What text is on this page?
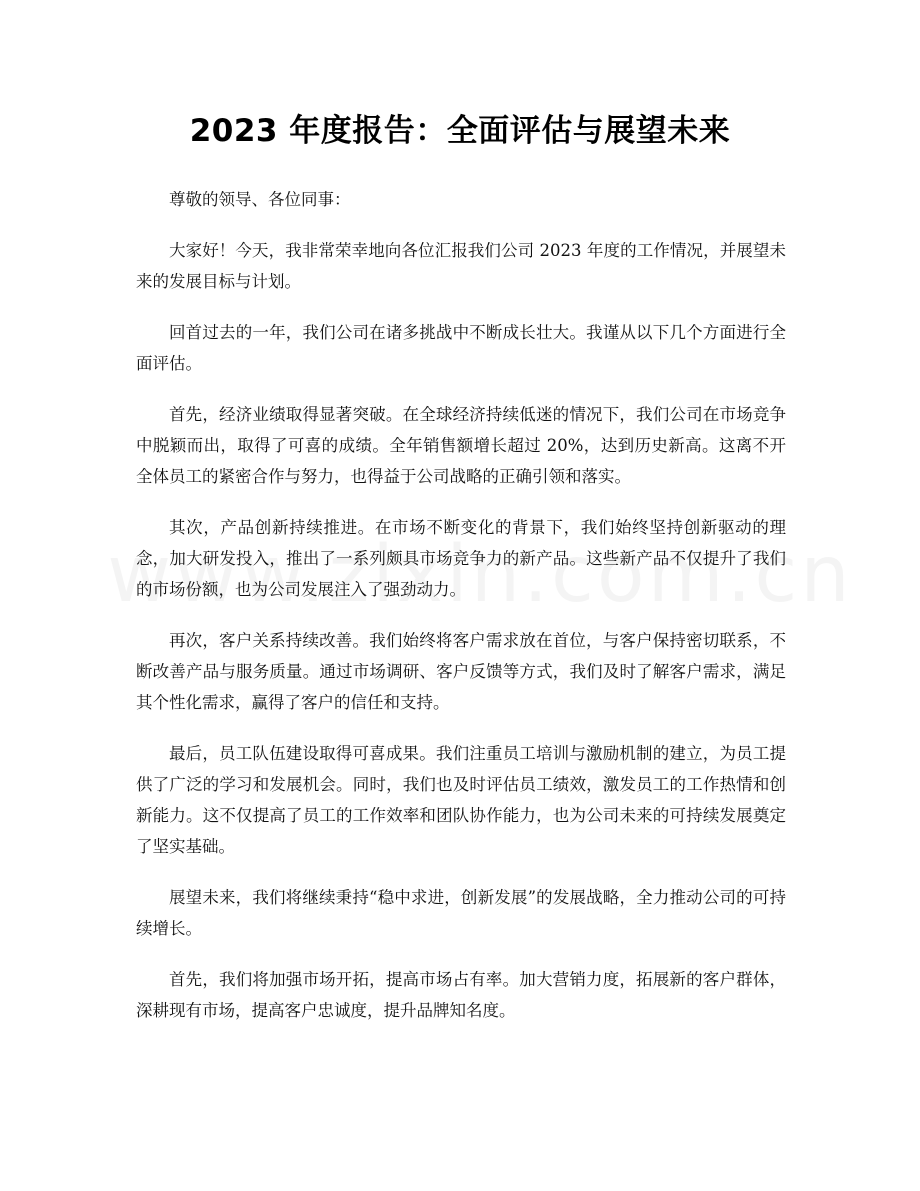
2023 年度报告：全面评估与展望未来

尊敬的领导、各位同事：

大家好！今天，我非常荣幸地向各位汇报我们公司 2023 年度的工作情况，并展望未来的发展目标与计划。

回首过去的一年，我们公司在诸多挑战中不断成长壮大。我谨从以下几个方面进行全面评估。

首先，经济业绩取得显著突破。在全球经济持续低迷的情况下，我们公司在市场竞争中脱颖而出，取得了可喜的成绩。全年销售额增长超过 20%，达到历史新高。这离不开全体员工的紧密合作与努力，也得益于公司战略的正确引领和落实。

其次，产品创新持续推进。在市场不断变化的背景下，我们始终坚持创新驱动的理念，加大研发投入，推出了一系列颇具市场竞争力的新产品。这些新产品不仅提升了我们的市场份额，也为公司发展注入了强劲动力。

再次，客户关系持续改善。我们始终将客户需求放在首位，与客户保持密切联系，不断改善产品与服务质量。通过市场调研、客户反馈等方式，我们及时了解客户需求，满足其个性化需求，赢得了客户的信任和支持。

最后，员工队伍建设取得可喜成果。我们注重员工培训与激励机制的建立，为员工提供了广泛的学习和发展机会。同时，我们也及时评估员工绩效，激发员工的工作热情和创新能力。这不仅提高了员工的工作效率和团队协作能力，也为公司未来的可持续发展奠定了坚实基础。

展望未来，我们将继续秉持“稳中求进，创新发展”的发展战略，全力推动公司的可持续增长。

首先，我们将加强市场开拓，提高市场占有率。加大营销力度，拓展新的客户群体，深耕现有市场，提高客户忠诚度，提升品牌知名度。
